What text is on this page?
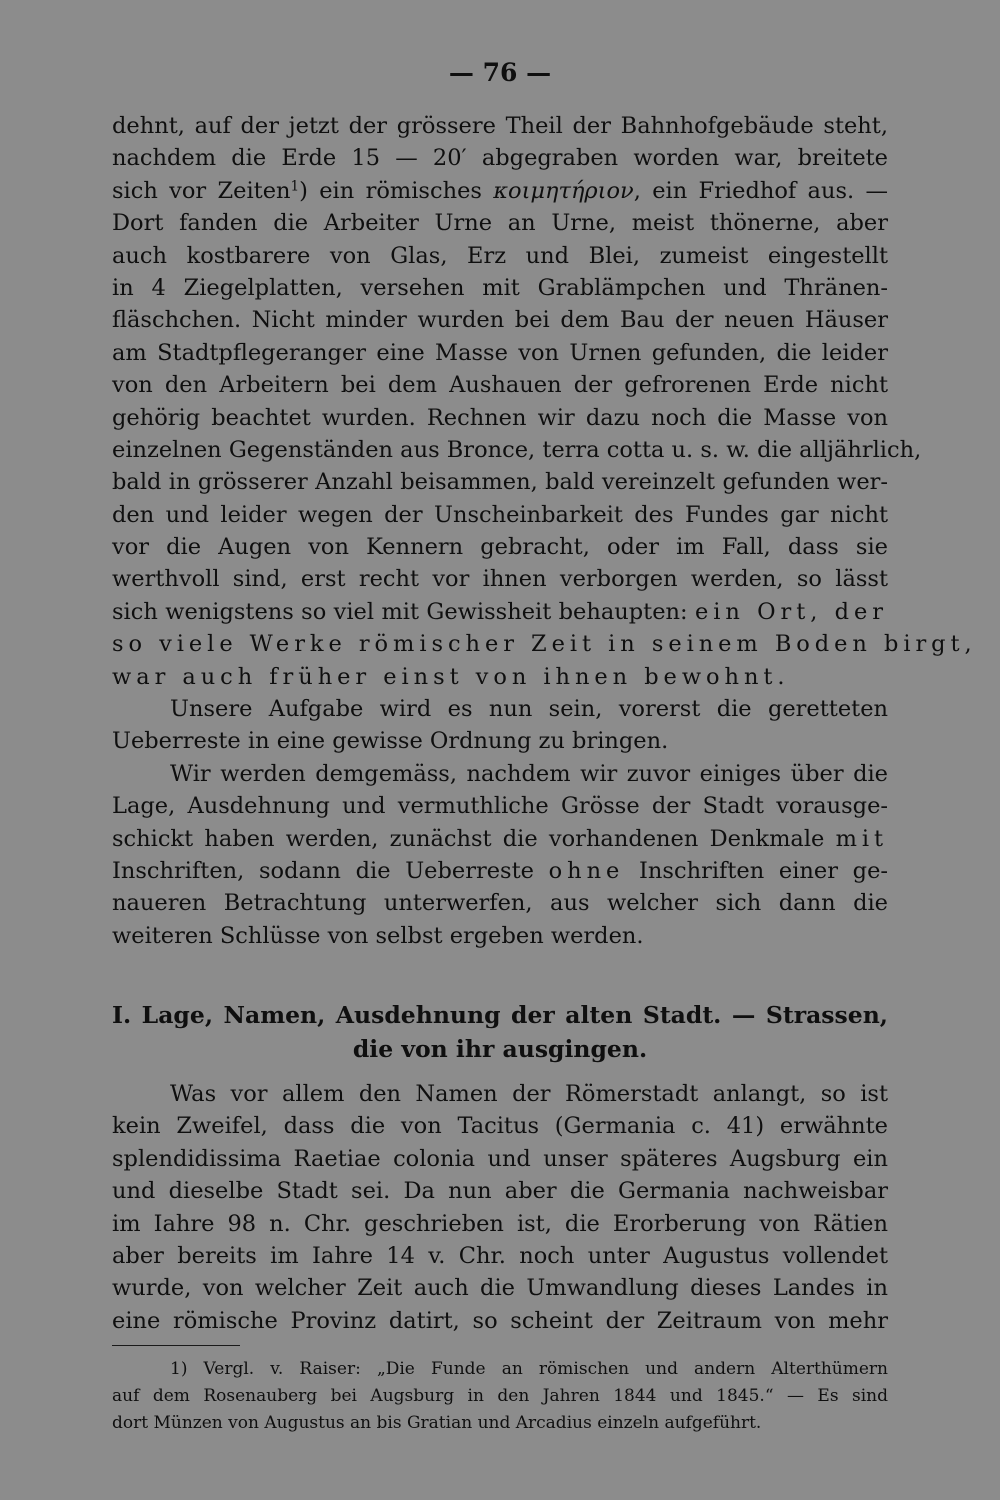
— 76 —
dehnt, auf der jetzt der grössere Theil der Bahnhofgebäude steht,
nachdem die Erde 15 — 20′ abgegraben worden war, breitete
sich vor Zeiten$^1$) ein römisches κοιμητήριον, ein Friedhof aus. —
Dort fanden die Arbeiter Urne an Urne, meist thönerne, aber
auch kostbarere von Glas, Erz und Blei, zumeist eingestellt
in 4 Ziegelplatten, versehen mit Grablämpchen und Thränen-
fläschchen. Nicht minder wurden bei dem Bau der neuen Häuser
am Stadtpflegeranger eine Masse von Urnen gefunden, die leider
von den Arbeitern bei dem Aushauen der gefrorenen Erde nicht
gehörig beachtet wurden. Rechnen wir dazu noch die Masse von
einzelnen Gegenständen aus Bronce, terra cotta u. s. w. die alljährlich,
bald in grösserer Anzahl beisammen, bald vereinzelt gefunden wer-
den und leider wegen der Unscheinbarkeit des Fundes gar nicht
vor die Augen von Kennern gebracht, oder im Fall, dass sie
werthvoll sind, erst recht vor ihnen verborgen werden, so lässt
sich wenigstens so viel mit Gewissheit behaupten: ein Ort, der
so viele Werke römischer Zeit in seinem Boden birgt,
war auch früher einst von ihnen bewohnt.
Unsere Aufgabe wird es nun sein, vorerst die geretteten
Ueberreste in eine gewisse Ordnung zu bringen.
Wir werden demgemäss, nachdem wir zuvor einiges über die
Lage, Ausdehnung und vermuthliche Grösse der Stadt vorausge-
schickt haben werden, zunächst die vorhandenen Denkmale mit
Inschriften, sodann die Ueberreste ohne Inschriften einer ge-
naueren Betrachtung unterwerfen, aus welcher sich dann die
weiteren Schlüsse von selbst ergeben werden.
I. Lage, Namen, Ausdehnung der alten Stadt. — Strassen,
die von ihr ausgingen.
Was vor allem den Namen der Römerstadt anlangt, so ist
kein Zweifel, dass die von Tacitus (Germania c. 41) erwähnte
splendidissima Raetiae colonia und unser späteres Augsburg ein
und dieselbe Stadt sei. Da nun aber die Germania nachweisbar
im Iahre 98 n. Chr. geschrieben ist, die Erorberung von Rätien
aber bereits im Iahre 14 v. Chr. noch unter Augustus vollendet
wurde, von welcher Zeit auch die Umwandlung dieses Landes in
eine römische Provinz datirt, so scheint der Zeitraum von mehr
1) Vergl. v. Raiser: „Die Funde an römischen und andern Alterthümern
auf dem Rosenauberg bei Augsburg in den Jahren 1844 und 1845.“ — Es sind
dort Münzen von Augustus an bis Gratian und Arcadius einzeln aufgeführt.
